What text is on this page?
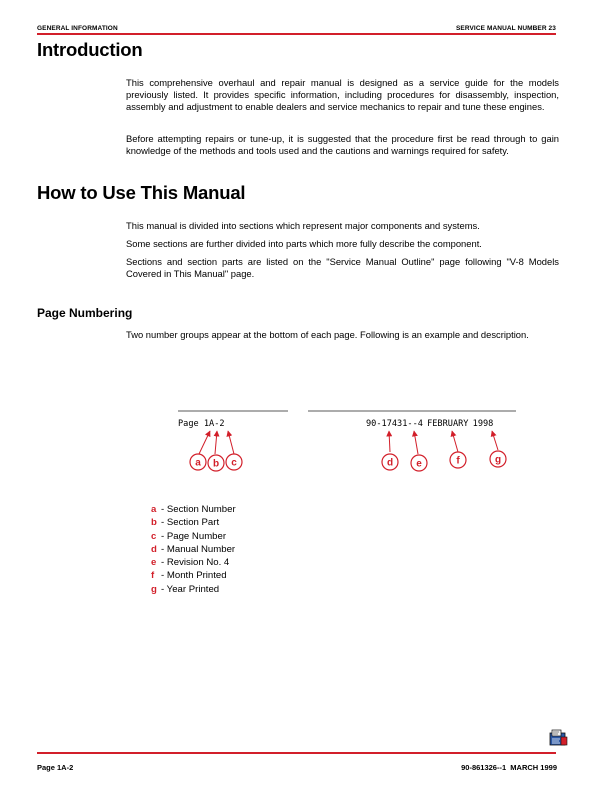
GENERAL INFORMATION	SERVICE MANUAL NUMBER 23
Introduction
This comprehensive overhaul and repair manual is designed as a service guide for the models previously listed. It provides specific information, including procedures for disassembly, inspection, assembly and adjustment to enable dealers and service mechanics to repair and tune these engines.
Before attempting repairs or tune-up, it is suggested that the procedure first be read through to gain knowledge of the methods and tools used and the cautions and warnings required for safety.
How to Use This Manual
This manual is divided into sections which represent major components and systems.
Some sections are further divided into parts which more fully describe the component.
Sections and section parts are listed on the "Service Manual Outline" page following "V-8 Models Covered in This Manual" page.
Page Numbering
Two number groups appear at the bottom of each page. Following is an example and description.
a b c	d e	f	g
Page 1A-2	90-17431--4 FEBRUARY 1998
a - Section Number
b - Section Part
c - Page Number
d - Manual Number
e - Revision No. 4
f - Month Printed
g - Year Printed
Page 1A-2	90-861326--1  MARCH 1999
